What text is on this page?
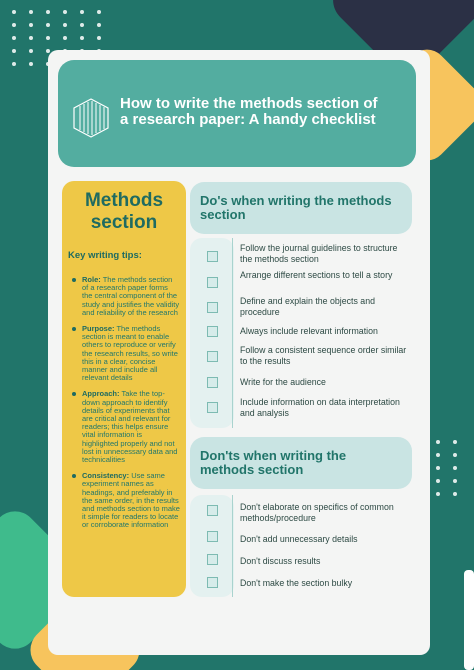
How to write the methods section of a research paper: A handy checklist
Methods section
Key writing tips:
Role: The methods section of a research paper forms the central component of the study and justifies the validity and reliability of the research
Purpose: The methods section is meant to enable others to reproduce or verify the research results, so write this in a clear, concise manner and include all relevant details
Approach: Take the top-down approach to identify details of experiments that are critical and relevant for readers; this helps ensure vital information is highlighted properly and not lost in unnecessary data and technicalities
Consistency: Use same experiment names as headings, and preferably in the same order, in the results and methods section to make it simple for readers to locate or corroborate information
Do's when writing the methods section
Follow the journal guidelines to structure the methods section
Arrange different sections to tell a story
Define and explain the objects and procedure
Always include relevant information
Follow a consistent sequence order similar to the results
Write for the audience
Include information on data interpretation and analysis
Don'ts when writing the methods section
Don't elaborate on specifics of common methods/procedure
Don't add unnecessary details
Don't discuss results
Don't make the section bulky
